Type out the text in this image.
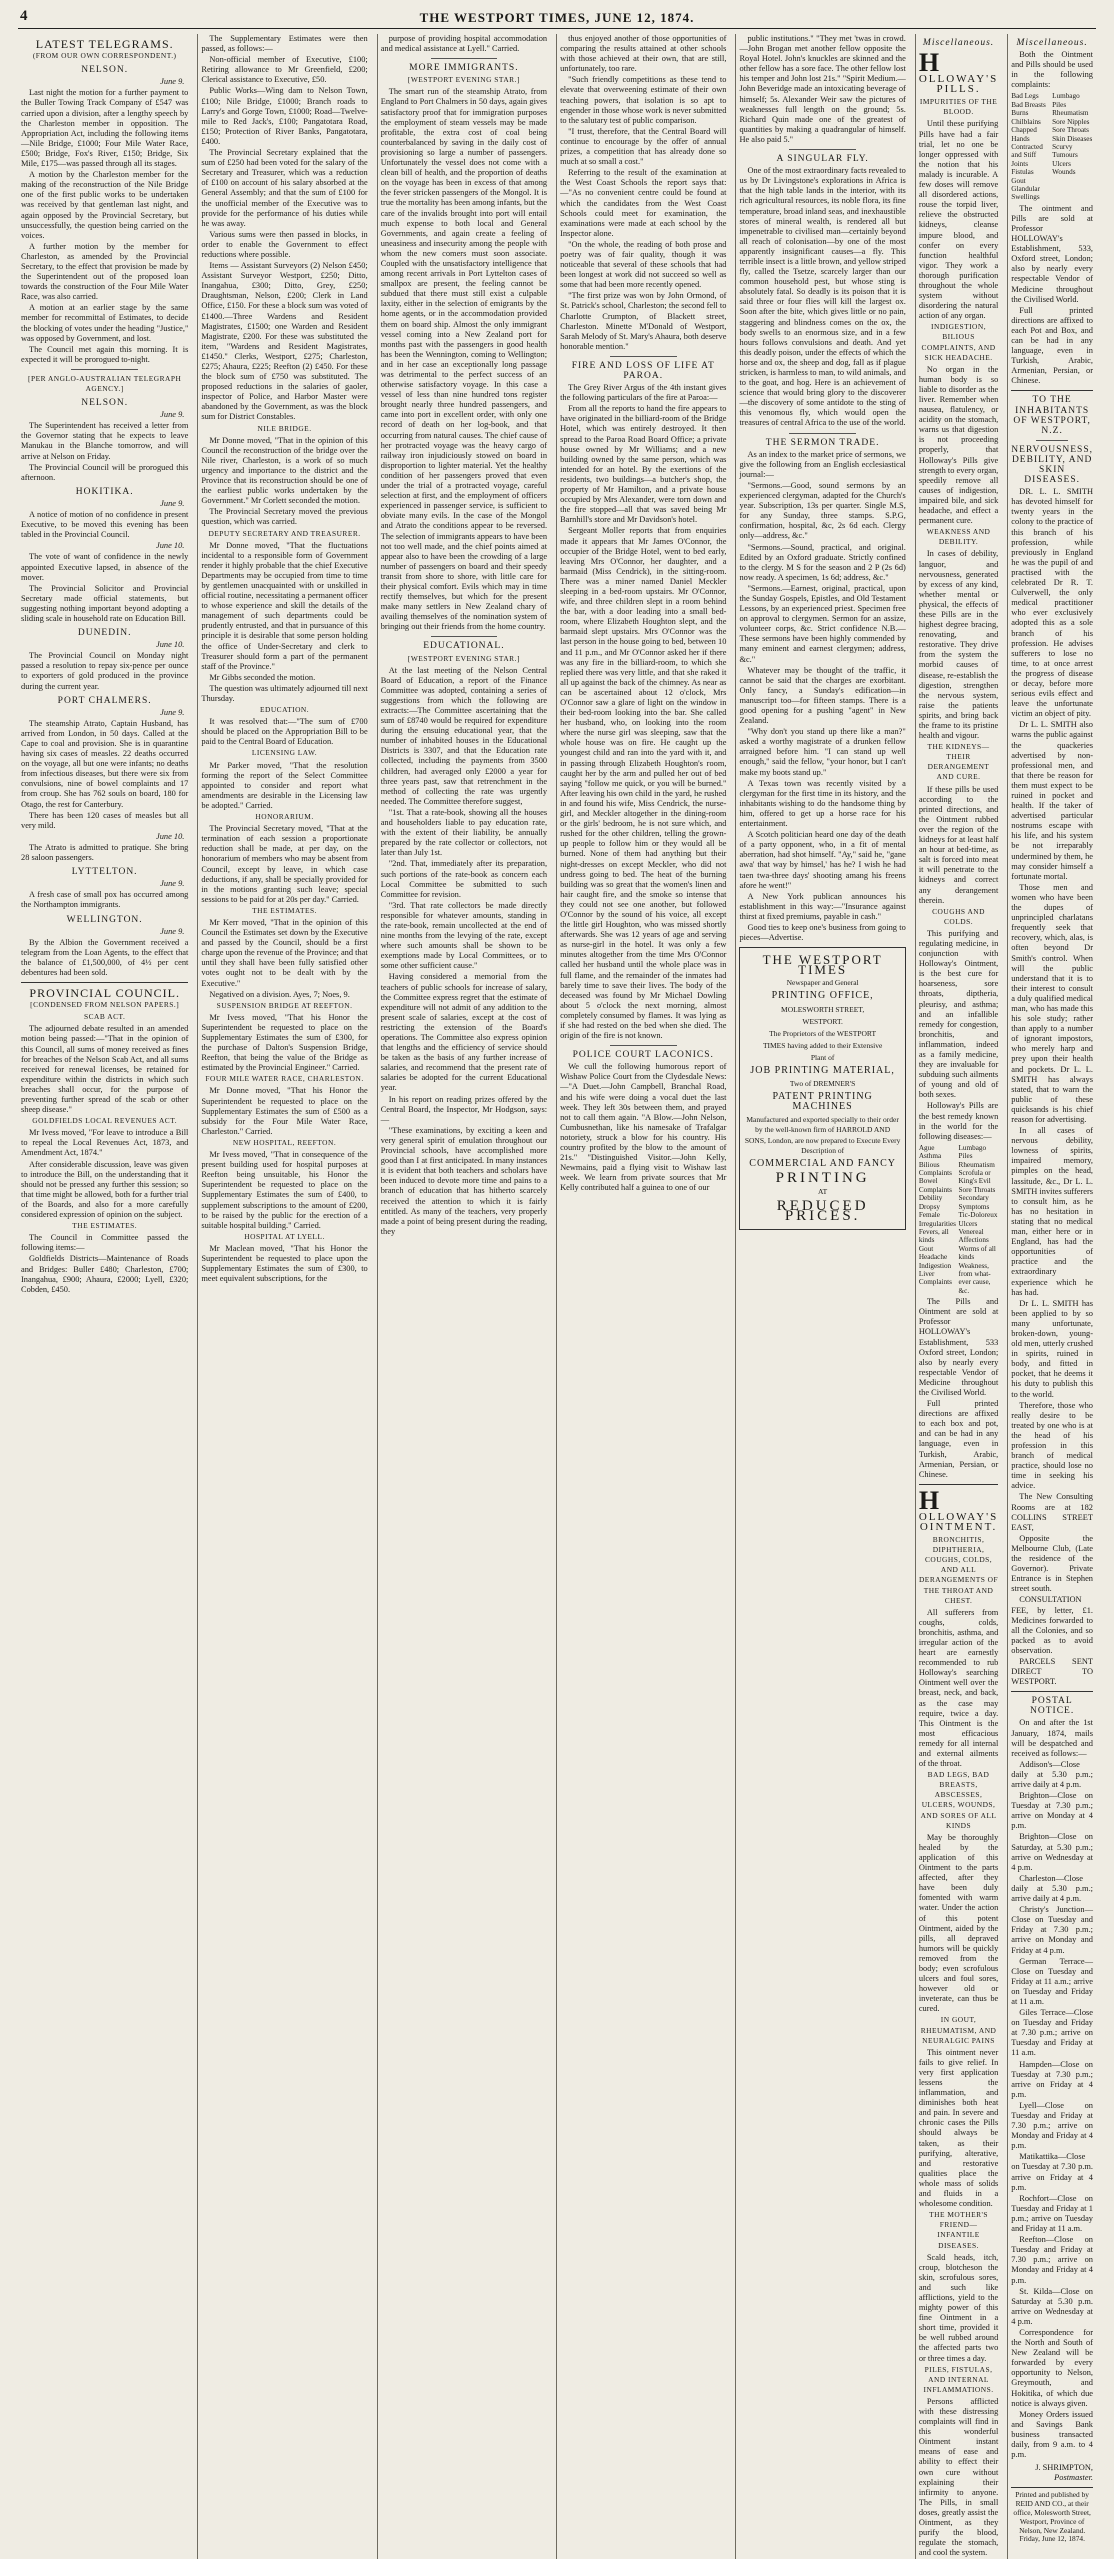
4	THE WESTPORT TIMES, JUNE 12, 1874.
LATEST TELEGRAMS.
(FROM OUR OWN CORRESPONDENT.)
NELSON.
June 9.

Last night the motion for a further payment to the Buller Towing Track Company of £547 was carried upon a division, after a lengthy speech by the Charleston member in opposition. The Appropriation Act, including the following items—Nile Bridge, £1000; Four Mile Water Race, £500; Bridge, Fox's River, £150; Bridge, Six Mile, £175—was passed through all its stages.

A motion by the Charleston member for the making of the reconstruction of the Nile Bridge one of the first public works to be undertaken was received by that gentleman last night, and again opposed by the Provincial Secretary, but unsuccessfully, the question being carried on the voices.

A further motion by the member for Charleston, as amended by the Provincial Secretary, to the effect that provision be made by the Superintendent out of the proposed loan towards the construction of the Four Mile Water Race, was also carried.

A motion at an earlier stage by the same member for recommittal of Estimates, to decide the blocking of votes under the heading "Justice," was opposed by Government, and lost.

The Council met again this morning. It is expected it will be prorogued to-night.

[PER ANGLO-AUSTRALIAN TELEGRAPH AGENCY.]
NELSON.
June 9.

The Superintendent has received a letter from the Governor stating that he expects to leave Manukau in the Blanche tomorrow, and will arrive at Nelson on Friday.

The Provincial Council will be prorogued this afternoon.

HOKITIKA.
June 9.

A notice of motion of no confidence in present Executive, to be moved this evening has been tabled in the Provincial Council.

June 10.

The vote of want of confidence in the newly appointed Executive lapsed, in absence of the mover.

The Provincial Solicitor and Provincial Secretary made official statements, but suggesting nothing important beyond adopting a sliding scale in household rate on Education Bill.

DUNEDIN.
June 10.

The Provincial Council on Monday night passed a resolution to repay six-pence per ounce to exporters of gold produced in the province during the current year.

PORT CHALMERS.
June 9.

The steamship Atrato, Captain Husband, has arrived from London, in 50 days. Called at the Cape to coal and provision. She is in quarantine having six cases of measles. 22 deaths occurred on the voyage, all but one were infants; no deaths from infectious diseases, but there were six from convulsions, nine of bowel complaints and 17 from croup. She has 762 souls on board, 180 for Otago, the rest for Canterbury.

There has been 120 cases of measles but all very mild.

June 10.

The Atrato is admitted to pratique. She bring 28 saloon passengers.

LYTTELTON.
June 9.

A fresh case of small pox has occurred among the Northampton immigrants.

WELLINGTON.
June 9.

By the Albion the Government received a telegram from the Loan Agents, to the effect that the balance of £1,500,000, of 4½ per cent debentures had been sold.

PROVINCIAL COUNCIL.
[CONDENSED FROM NELSON PAPERS.]
SCAB ACT.

The adjourned debate resulted in an amended motion being passed:—"That in the opinion of this Council, all sums of money received as fines for breaches of the Nelson Scab Act, and all sums received for renewal licenses, be retained for expenditure within the districts in which such breaches shall occur, for the purpose of preventing further spread of the scab or other sheep disease."

GOLDFIELDS LOCAL REVENUES ACT.

Mr Ivess moved, "For leave to introduce a Bill to repeal the Local Revenues Act, 1873, and Amendment Act, 1874."

After considerable discussion, leave was given to introduce the Bill, on the understanding that it should not be pressed any further this session; so that time might be allowed, both for a further trial of the Boards, and also for a more carefully considered expression of opinion on the subject.

THE ESTIMATES.

The Council in Committee passed the following items:—

Goldfields Districts—Maintenance of Roads and Bridges: Buller £480; Charleston, £700; Inangahua, £900; Ahaura, £2000; Lyell, £320; Cobden, £450.

The Supplementary Estimates were then passed, as follows:—

Non-official member of Executive, £100; Retiring allowance to Mr Greenfield, £200; Clerical assistance to Executive, £50.

Public Works—Wing dam to Nelson Town, £100; Nile Bridge, £1000; Branch roads to Larry's and Gorge Town, £1000; Road—Twelve-mile to Red Jack's, £100; Pangatotara Road, £150; Protection of River Banks, Pangatotara, £400.

The Provincial Secretary explained that the sum of £250 had been voted for the salary of the Secretary and Treasurer, which was a reduction of £100 on account of his salary absorbed at the General Assembly; and that the sum of £100 for the unofficial member of the Executive was to provide for the performance of his duties while he was away.

Various sums were then passed in blocks, in order to enable the Government to effect reductions where possible.

Items — Assistant Surveyors (2) Nelson £450; Assistant Surveyor Westport, £250; Ditto, Inangahua, £300; Ditto, Grey, £250; Draughtsman, Nelson, £200; Clerk in Land Office, £150. For these a block sum was voted of £1400.—Three Wardens and Resident Magistrates, £1500; one Warden and Resident Magistrate, £200. For these was substituted the item, "Wardens and Resident Magistrates, £1450." Clerks, Westport, £275; Charleston, £275; Ahaura, £225; Reefton (2) £450. For these the block sum of £750 was substituted. The proposed reductions in the salaries of gaoler, inspector of Police, and Harbor Master were abandoned by the Government, as was the block sum for District Constables.

NILE BRIDGE.

Mr Donne moved, "That in the opinion of this Council the reconstruction of the bridge over the Nile river, Charleston, is a work of so much urgency and importance to the district and the Province that its reconstruction should be one of the earliest public works undertaken by the Government." Mr Corlett seconded the motion.

The Provincial Secretary moved the previous question, which was carried.

DEPUTY SECRETARY AND TREASURER.

Mr Donne moved, "That the fluctuations incidental to a responsible form of Government render it highly probable that the chief Executive Departments may be occupied from time to time by gentlemen unacquainted with or unskilled in official routine, necessitating a permanent officer to whose experience and skill the details of the management of such departments could be prudently entrusted, and that in pursuance of this principle it is desirable that some person holding the office of Under-Secretary and clerk to Treasurer should form a part of the permanent staff of the Province."

Mr Gibbs seconded the motion.

The question was ultimately adjourned till next Thursday.

EDUCATION.

It was resolved that:—"The sum of £700 should be placed on the Appropriation Bill to be paid to the Central Board of Education.

LICENSING LAW.

Mr Parker moved, "That the resolution forming the report of the Select Committee appointed to consider and report what amendments are desirable in the Licensing law be adopted." Carried.

HONORARIUM.

The Provincial Secretary moved, "That at the termination of each session a proportionate reduction shall be made, at per day, on the honorarium of members who may be absent from Council, except by leave, in which case deductions, if any, shall be specially provided for in the motions granting such leave; special sessions to be paid for at 20s per day." Carried.

THE ESTIMATES.

Mr Kerr moved, "That in the opinion of this Council the Estimates set down by the Executive and passed by the Council, should be a first charge upon the revenue of the Province; and that until they shall have been fully satisfied other votes ought not to be dealt with by the Executive."

Negatived on a division. Ayes, 7; Noes, 9.

SUSPENSION BRIDGE AT REEFTON.

Mr Ivess moved, "That his Honor the Superintendent be requested to place on the Supplementary Estimates the sum of £300, for the purchase of Dalton's Suspension Bridge, Reefton, that being the value of the Bridge as estimated by the Provincial Engineer." Carried.

FOUR MILE WATER RACE, CHARLESTON.

Mr Donne moved, "That his Honor the Superintendent be requested to place on the Supplementary Estimates the sum of £500 as a subsidy for the Four Mile Water Race, Charleston." Carried.

NEW HOSPITAL, REEFTON.

Mr Ivess moved, "That in consequence of the present building used for hospital purposes at Reefton being unsuitable, his Honor the Superintendent be requested to place on the Supplementary Estimates the sum of £400, to supplement subscriptions to the amount of £200, to be raised by the public for the erection of a suitable hospital building." Carried.

HOSPITAL AT LYELL.

Mr Maclean moved, "That his Honor the Superintendent be requested to place upon the Supplementary Estimates the sum of £300, to meet equivalent subscriptions, for the

purpose of providing hospital accommodation and medical assistance at Lyell." Carried.

MORE IMMIGRANTS.
[WESTPORT EVENING STAR.]

The smart run of the steamship Atrato, from England to Port Chalmers in 50 days, again gives satisfactory proof that for immigration purposes the employment of steam vessels may be made profitable, the extra cost of coal being counterbalanced by saving in the daily cost of provisioning so large a number of passengers. Unfortunately the vessel does not come with a clean bill of health, and the proportion of deaths on the voyage has been in excess of that among the fever stricken passengers of the Mongol. It is true the mortality has been among infants, but the care of the invalids brought into port will entail much expense to both local and General Governments, and again create a feeling of uneasiness and insecurity among the people with whom the new comers must soon associate. Coupled with the unsatisfactory intelligence that among recent arrivals in Port Lyttelton cases of smallpox are present, the feeling cannot be subdued that there must still exist a culpable laxity, either in the selection of emigrants by the home agents, or in the accommodation provided them on board ship. Almost the only immigrant vessel coming into a New Zealand port for months past with the passengers in good health has been the Wennington, coming to Wellington; and in her case an exceptionally long passage was detrimental to the perfect success of an otherwise satisfactory voyage. In this case a vessel of less than nine hundred tons register brought nearly three hundred passengers, and came into port in excellent order, with only one record of death on her log-book, and that occurring from natural causes. The chief cause of her protracted voyage was the heavy cargo of railway iron injudiciously stowed on board in disproportion to lighter material. Yet the healthy condition of her passengers proved that even under the trial of a protracted voyage, careful selection at first, and the employment of officers experienced in passenger service, is sufficient to obviate many evils. In the case of the Mongol and Atrato the conditions appear to be reversed. The selection of immigrants appears to have been not too well made, and the chief points aimed at appear also to have been the crowding of a large number of passengers on board and their speedy transit from shore to shore, with little care for their physical comfort. Evils which may in time rectify themselves, but which for the present make many settlers in New Zealand chary of availing themselves of the nomination system of bringing out their friends from the home country.

EDUCATIONAL.
[WESTPORT EVENING STAR.]

At the last meeting of the Nelson Central Board of Education, a report of the Finance Committee was adopted, containing a series of suggestions from which the following are extracts:—The Committee ascertaining that the sum of £8740 would be required for expenditure during the ensuing educational year, that the number of inhabited houses in the Educational Districts is 3307, and that the Education rate collected, including the payments from 3500 children, had averaged only £2000 a year for three years past, saw that retrenchment in the method of collecting the rate was urgently needed. The Committee therefore suggest,

"1st. That a rate-book, showing all the houses and householders liable to pay education rate, with the extent of their liability, be annually prepared by the rate collector or collectors, not later than July 1st.

"2nd. That, immediately after its preparation, such portions of the rate-book as concern each Local Committee be submitted to such Committee for revision.

"3rd. That rate collectors be made directly responsible for whatever amounts, standing in the rate-book, remain uncollected at the end of nine months from the levying of the rate, except where such amounts shall be shown to be exemptions made by Local Committees, or to some other sufficient cause."

Having considered a memorial from the teachers of public schools for increase of salary, the Committee express regret that the estimate of expenditure will not admit of any addition to the present scale of salaries, except at the cost of restricting the extension of the Board's operations. The Committee also express opinion that lengths and the efficiency of service should be taken as the basis of any further increase of salaries, and recommend that the present rate of salaries be adopted for the current Educational year.

In his report on reading prizes offered by the Central Board, the Inspector, Mr Hodgson, says:—

"These examinations, by exciting a keen and very general spirit of emulation throughout our Provincial schools, have accomplished more good than I at first anticipated. In many instances it is evident that both teachers and scholars have been induced to devote more time and pains to a branch of education that has hitherto scarcely received the attention to which it is fairly entitled. As many of the teachers, very properly made a point of being present during the reading, they

thus enjoyed another of those opportunities of comparing the results attained at other schools with those achieved at their own, that are still, unfortunately, too rare.

"Such friendly competitions as these tend to elevate that overweening estimate of their own teaching powers, that isolation is so apt to engender in those whose work is never submitted to the salutary test of public comparison.

"I trust, therefore, that the Central Board will continue to encourage by the offer of annual prizes, a competition that has already done so much at so small a cost."

Referring to the result of the examination at the West Coast Schools the report says that:—"As no convenient centre could be found at which the candidates from the West Coast Schools could meet for examination, the examinations were made at each school by the Inspector alone.

"On the whole, the reading of both prose and poetry was of fair quality, though it was noticeable that several of these schools that had been longest at work did not succeed so well as some that had been more recently opened.

"The first prize was won by John Ormond, of St. Patrick's school, Charleston; the second fell to Charlotte Crumpton, of Blackett street, Charleston. Minette M'Donald of Westport, Sarah Melody of St. Mary's Ahaura, both deserve honorable mention."

FIRE AND LOSS OF LIFE AT PAROA.

The Grey River Argus of the 4th instant gives the following particulars of the fire at Paroa:—

From all the reports to hand the fire appears to have originated in the billiard-room of the Bridge Hotel, which was entirely destroyed. It then spread to the Paroa Road Board Office; a private house owned by Mr Williams; and a new building owned by the same person, which was intended for an hotel. By the exertions of the residents, two buildings—a butcher's shop, the property of Mr Hamilton, and a private house occupied by Mrs Alexander, were torn down and the fire stopped—all that was saved being Mr Barnhill's store and Mr Davidson's hotel.

Sergeant Moller reports that from enquiries made it appears that Mr James O'Connor, the occupier of the Bridge Hotel, went to bed early, leaving Mrs O'Connor, her daughter, and a barmaid (Miss Cendrick), in the sitting-room. There was a miner named Daniel Meckler sleeping in a bed-room upstairs. Mr O'Connor, wife, and three children slept in a room behind the bar, with a door leading into a small bed-room, where Elizabeth Houghton slept, and the barmaid slept upstairs. Mrs O'Connor was the last person in the house going to bed, between 10 and 11 p.m., and Mr O'Connor asked her if there was any fire in the billiard-room, to which she replied there was very little, and that she raked it all up against the back of the chimney. As near as can be ascertained about 12 o'clock, Mrs O'Connor saw a glare of light on the window in their bed-room looking into the bar. She called her husband, who, on looking into the room where the nurse girl was sleeping, saw that the whole house was on fire. He caught up the youngest child and ran into the yard with it, and in passing through Elizabeth Houghton's room, caught her by the arm and pulled her out of bed saying "follow me quick, or you will be burned." After leaving his own child in the yard, he rushed in and found his wife, Miss Cendrick, the nurse-girl, and Meckler altogether in the dining-room or the girls' bedroom, he is not sure which, and rushed for the other children, telling the grown-up people to follow him or they would all be burned. None of them had anything but their night-dresses on except Meckler, who did not undress going to bed. The heat of the burning building was so great that the women's linen and hair caught fire, and the smoke so intense that they could not see one another, but followed O'Connor by the sound of his voice, all except the little girl Houghton, who was missed shortly afterwards. She was 12 years of age and serving as nurse-girl in the hotel. It was only a few minutes altogether from the time Mrs O'Connor called her husband until the whole place was in full flame, and the remainder of the inmates had barely time to save their lives. The body of the deceased was found by Mr Michael Dowling about 5 o'clock the next morning, almost completely consumed by flames. It was lying as if she had rested on the bed when she died. The origin of the fire is not known.

POLICE COURT LACONICS.

We cull the following humorous report of Wishaw Police Court from the Clydesdale News:—"A Duet.—John Campbell, Branchal Road, and his wife were doing a vocal duet the last week. They left 30s between them, and prayed not to call them again. "A Blow.—John Nelson, Cumbusnethan, like his namesake of Trafalgar notoriety, struck a blow for his country. His country profited by the blow to the amount of 21s." "Distinguished Visitor.—John Kelly, Newmains, paid a flying visit to Wishaw last week. We learn from private sources that Mr Kelly contributed half a guinea to one of our

public institutions." "They met 'twas in crowd.—John Brogan met another fellow opposite the Royal Hotel. John's knuckles are skinned and the other fellow has a sore face. The other fellow lost his temper and John lost 21s." "Spirit Medium.—John Beveridge made an intoxicating beverage of himself; 5s. Alexander Weir saw the pictures of weaknesses full length on the ground; 5s. Richard Quin made one of the greatest of quantities by making a quadrangular of himself. He also paid 5."

A SINGULAR FLY.

One of the most extraordinary facts revealed to us by Dr Livingstone's explorations in Africa is that the high table lands in the interior, with its rich agricultural resources, its noble flora, its fine temperature, broad inland seas, and inexhaustible stores of mineral wealth, is rendered all but impenetrable to civilised man—certainly beyond all reach of colonisation—by one of the most apparently insignificant causes—a fly. This terrible insect is a little brown, and yellow striped fly, called the Tsetze, scarcely larger than our common household pest, but whose sting is absolutely fatal. So deadly is its poison that it is said three or four flies will kill the largest ox. Soon after the bite, which gives little or no pain, staggering and blindness comes on the ox, the body swells to an enormous size, and in a few hours follows convulsions and death. And yet this deadly poison, under the effects of which the horse and ox, the sheep and dog, fall as if plague stricken, is harmless to man, to wild animals, and to the goat, and hog. Here is an achievement of science that would bring glory to the discoverer—the discovery of some antidote to the sting of this venomous fly, which would open the treasures of central Africa to the use of the world.

THE SERMON TRADE.

As an index to the market price of sermons, we give the following from an English ecclesiastical journal:—

"Sermons.—Good, sound sermons by an experienced clergyman, adapted for the Church's year. Subscription, 13s per quarter. Single M.S, for any Sunday, three stamps. S.P.G, confirmation, hospital, &c, 2s 6d each. Clergy only—address, &c."

"Sermons.—Sound, practical, and original. Edited by an Oxford graduate. Strictly confined to the clergy. M S for the season and 2 P (2s 6d) now ready. A specimen, 1s 6d; address, &c."

"Sermons.—Earnest, original, practical, upon the Sunday Gospels, Epistles, and Old Testament Lessons, by an experienced priest. Specimen free on approval to clergymen. Sermon for an assize, volunteer corps, &c. Strict confidence N.B.—These sermons have been highly commended by many eminent and earnest clergymen; address, &c."

Whatever may be thought of the traffic, it cannot be said that the charges are exorbitant. Only fancy, a Sunday's edification—in manuscript too—for fifteen stamps. There is a good opening for a pushing "agent" in New Zealand.

"Why don't you stand up there like a man?" asked a worthy magistrate of a drunken fellow arraigned before him. "I can stand up well enough," said the fellow, "your honor, but I can't make my boots stand up."

A Texas town was recently visited by a clergyman for the first time in its history, and the inhabitants wishing to do the handsome thing by him, offered to get up a horse race for his entertainment.

A Scotch politician heard one day of the death of a party opponent, who, in a fit of mental aberration, had shot himself. "Ay," said he, "gane awa' that way by himsel,' has he? I wish he had taen twa-three days' shooting amang his freens afore he went!"

A New York publican announces his establishment in this way:—"Insurance against thirst at fixed premiums, payable in cash."

Good ties to keep one's business from going to pieces—Advertise.

THE WESTPORT TIMES
Newspaper and General
PRINTING OFFICE,
MOLESWORTH STREET,
WESTPORT.
The Proprietors of the WESTPORT
TIMES having added to their Extensive
Plant of
JOB PRINTING MATERIAL,
Two of DREMNER'S
PATENT PRINTING MACHINES
Manufactured and exported specially to their order by the well-known firm of HARROLD AND SONS, London, are now prepared to Execute Every Description of
COMMERCIAL AND FANCY
PRINTING
AT
REDUCED PRICES.
Miscellaneous.
H
OLLOWAY'S PILLS.
IMPURITIES OF THE BLOOD.

Until these purifying Pills have had a fair trial, let no one be longer oppressed with the notion that his malady is incurable. A few doses will remove all disordered actions, rouse the torpid liver, relieve the obstructed kidneys, cleanse impure blood, and confer on every function healthful vigor. They work a thorough purification throughout the whole system without disordering the natural action of any organ.

INDIGESTION, BILIOUS COMPLAINTS, AND SICK HEADACHE.

No organ in the human body is so liable to disorder as the liver. Remember when nausea, flatulency, or acidity on the stomach, warns us that digestion is not proceeding properly, that Holloway's Pills give strength to every organ, speedily remove all causes of indigestion, impaired bile, and sick headache, and effect a permanent cure.

WEAKNESS AND DEBILITY.

In cases of debility, languor, and nervousness, generated by excess of any kind, whether mental or physical, the effects of these Pills are in the highest degree bracing, renovating, and restorative. They drive from the system the morbid causes of disease, re-establish the digestion, strengthen the nervous system, raise the patients spirits, and bring back the frame to its pristine health and vigour.

THE KIDNEYS—THEIR DERANGEMENT AND CURE.

If these pills be used according to the printed directions, and the Ointment rubbed over the region of the kidneys for at least half an hour at bed-time, as salt is forced into meat it will penetrate to the kidneys and correct any derangement therein.

COUGHS AND COLDS.

This purifying and regulating medicine, in conjunction with Holloway's Ointment, is the best cure for hoarseness, sore throats, diptheria, pleurisy, and asthma; and an infallible remedy for congestion, bronchitis, and inflammation, indeed as a family medicine, they are invaluable for subduing such ailments of young and old of both sexes.

Holloway's Pills are the best remedy known in the world for the following diseases:—

Ague
Asthma
Bilious Complaints
Bowel Complaints
Debility
Dropsy
Female Irregularities
Fevers, all kinds
Gout
Headache
Indigestion
Liver Complaints
Lumbago
Piles
Rheumatism
Scrofula or King's Evil
Sore Throats
Secondary Symptoms
Tic-Doloreux
Ulcers
Venereal Affections
Worms of all kinds
Weakness, from what-
ever cause, &c.

The Pills and Ointment are sold at Professor HOLLOWAY's Establishment, 533 Oxford street, London; also by nearly every respectable Vendor of Medicine throughout the Civilised World.

Full printed directions are affixed to each box and pot, and can be had in any language, even in Turkish, Arabic, Armenian, Persian, or Chinese.

H
OLLOWAY'S OINTMENT.
BRONCHITIS, DIPHTHERIA, COUGHS, COLDS, AND ALL DERANGEMENTS OF THE THROAT AND CHEST.

All sufferers from coughs, colds, bronchitis, asthma, and irregular action of the heart are earnestly recommended to rub Holloway's searching Ointment well over the breast, neck, and back, as the case may require, twice a day. This Ointment is the most efficacious remedy for all internal and external ailments of the throat.

BAD LEGS, BAD BREASTS, ABSCESSES, ULCERS, WOUNDS, AND SORES OF ALL KINDS

May be thoroughly healed by the application of this Ointment to the parts affected, after they have been duly fomented with warm water. Under the action of this potent Ointment, aided by the pills, all depraved humors will be quickly removed from the body; even scrofulous ulcers and foul sores, however old or inveterate, can thus be cured.

IN GOUT, RHEUMATISM, AND NEURALGIC PAINS

This ointment never fails to give relief. In very first application lessens the inflammation, and diminishes both heat and pain. In severe and chronic cases the Pills should always be taken, as their purifying, alterative, and restorative qualities place the whole mass of solids and fluids in a wholesome condition.

THE MOTHER'S FRIEND—INFANTILE DISEASES.

Scald heads, itch, croup, blotcheson the skin, scrofulous sores, and such like afflictions, yield to the mighty power of this fine Ointment in a short time, provided it be well rubbed around the affected parts two or three times a day.

PILES, FISTULAS, AND INTERNAL INFLAMMATIONS.

Persons afflicted with these distressing complaints will find in this wonderful Ointment instant means of ease and ability to effect their own cure without explaining their infirmity to anyone. The Pills, in small doses, greatly assist the Ointment, as they purify the blood, regulate the stomach, and cool the system.

Miscellaneous.

Both the Ointment and Pills should be used in the following complaints:

Bad Legs
Bad Breasts
Burns
Chilblains
Chapped Hands
Contracted and Stiff
Joints
Fistulas
Gout
Glandular Swellings
Lumbago
Piles
Rheumatism
Sore Nipples
Sore Throats
Skin Diseases
Scurvy
Tumours
Ulcers
Wounds

The ointment and Pills are sold at Professor HOLLOWAY's Establishment, 533, Oxford street, London; also by nearly every respectable Vendor of Medicine throughout the Civilised World.

Full printed directions are affixed to each Pot and Box, and can be had in any language, even in Turkish, Arabic, Armenian, Persian, or Chinese.

TO THE INHABITANTS OF WESTPORT, N.Z.
NERVOUSNESS, DEBILITY, AND SKIN DISEASES.

DR. L. L. SMITH has devoted himself for twenty years in the colony to the practice of this branch of his profession, while previously in England he was the pupil of and practised with the celebrated Dr R. T. Culverwell, the only medical practitioner who ever exclusively adopted this as a sole branch of his profession. He advises sufferers to lose no time, to at once arrest the progress of disease or decay, before more serious evils effect and leave the unfortunate victim an object of pity.

Dr L. L. SMITH also warns the public against the quackeries advertised by non-professional men, and that there be reason for them must expect to be ruined in pocket and health. If the taker of advertised particular nostrums escape with his life, and his system be not irreparably undermined by them, he may consider himself a fortunate mortal.

Those men and women who have been the dupes of unprincipled charlatans frequently seek that recovery, which, alas, is often beyond Dr Smith's control. When will the public understand that it is to their interest to consult a duly qualified medical man, who has made this his sole study; rather than apply to a number of ignorant impostors, who merely harp and prey upon their health and pockets. Dr L. L. SMITH has always stated, that to warn the public of these quicksands is his chief reason for advertising.

In all cases of nervous debility, lowness of spirits, impaired memory, pimples on the head, lassitude, &c., Dr L. L. SMITH invites sufferers to consult him, as he has no hesitation in stating that no medical man, either here or in England, has had the opportunities of practice and the extraordinary experience which he has had.

Dr L. L. SMITH has been applied to by so many unfortunate, broken-down, young-old men, utterly crushed in spirits, ruined in body, and fitted in pocket, that he deems it his duty to publish this to the world.

Therefore, those who really desire to be treated by one who is at the head of his profession in this branch of medical practice, should lose no time in seeking his advice.

The New Consulting Rooms are at 182 COLLINS STREET EAST,

Opposite the Melbourne Club, (Late the residence of the Governor). Private Entrance is in Stephen street south.

CONSULTATION FEE, by letter, £1. Medicines forwarded to all the Colonies, and so packed as to avoid observation.

PARCELS SENT DIRECT TO WESTPORT.

POSTAL NOTICE.

On and after the 1st January, 1874, mails will be despatched and received as follows:—

Addison's—Close daily at 5.30 p.m.; arrive daily at 4 p.m.

Brighton—Close on Tuesday at 7.30 p.m.; arrive on Monday at 4 p.m.

Brighton—Close on Saturday, at 5.30 p.m.; arrive on Wednesday at 4 p.m.

Charleston—Close daily at 5.30 p.m.; arrive daily at 4 p.m.

Christy's Junction—Close on Tuesday and Friday at 7.30 p.m.; arrive on Monday and Friday at 4 p.m.

German Terrace—Close on Tuesday and Friday at 11 a.m.; arrive on Tuesday and Friday at 11 a.m.

Giles Terrace—Close on Tuesday and Friday at 7.30 p.m.; arrive on Tuesday and Friday at 11 a.m.

Hampden—Close on Tuesday at 7.30 p.m.; arrive on Friday at 4 p.m.

Lyell—Close on Tuesday and Friday at 7.30 p.m.; arrive on Monday and Friday at 4 p.m.

Matikattika—Close on Tuesday at 7.30 p.m. arrive on Friday at 4 p.m.

Rochfort—Close on Tuesday and Friday at 1 p.m.; arrive on Tuesday and Friday at 11 a.m.

Reefton—Close on Tuesday and Friday at 7.30 p.m.; arrive on Monday and Friday at 4 p.m.

St. Kilda—Close on Saturday at 5.30 p.m. arrive on Wednesday at 4 p.m.

Correspondence for the North and South of New Zealand will be forwarded by every opportunity to Nelson, Greymouth, and Hokitika, of which due notice is always given.

Money Orders issued and Savings Bank business transacted daily, from 9 a.m. to 4 p.m.

J. SHRIMPTON,
Postmaster.
Printed and published by REID AND CO., at their office, Molesworth Street, Westport, Province of Nelson, New Zealand.
Friday, June 12, 1874.
